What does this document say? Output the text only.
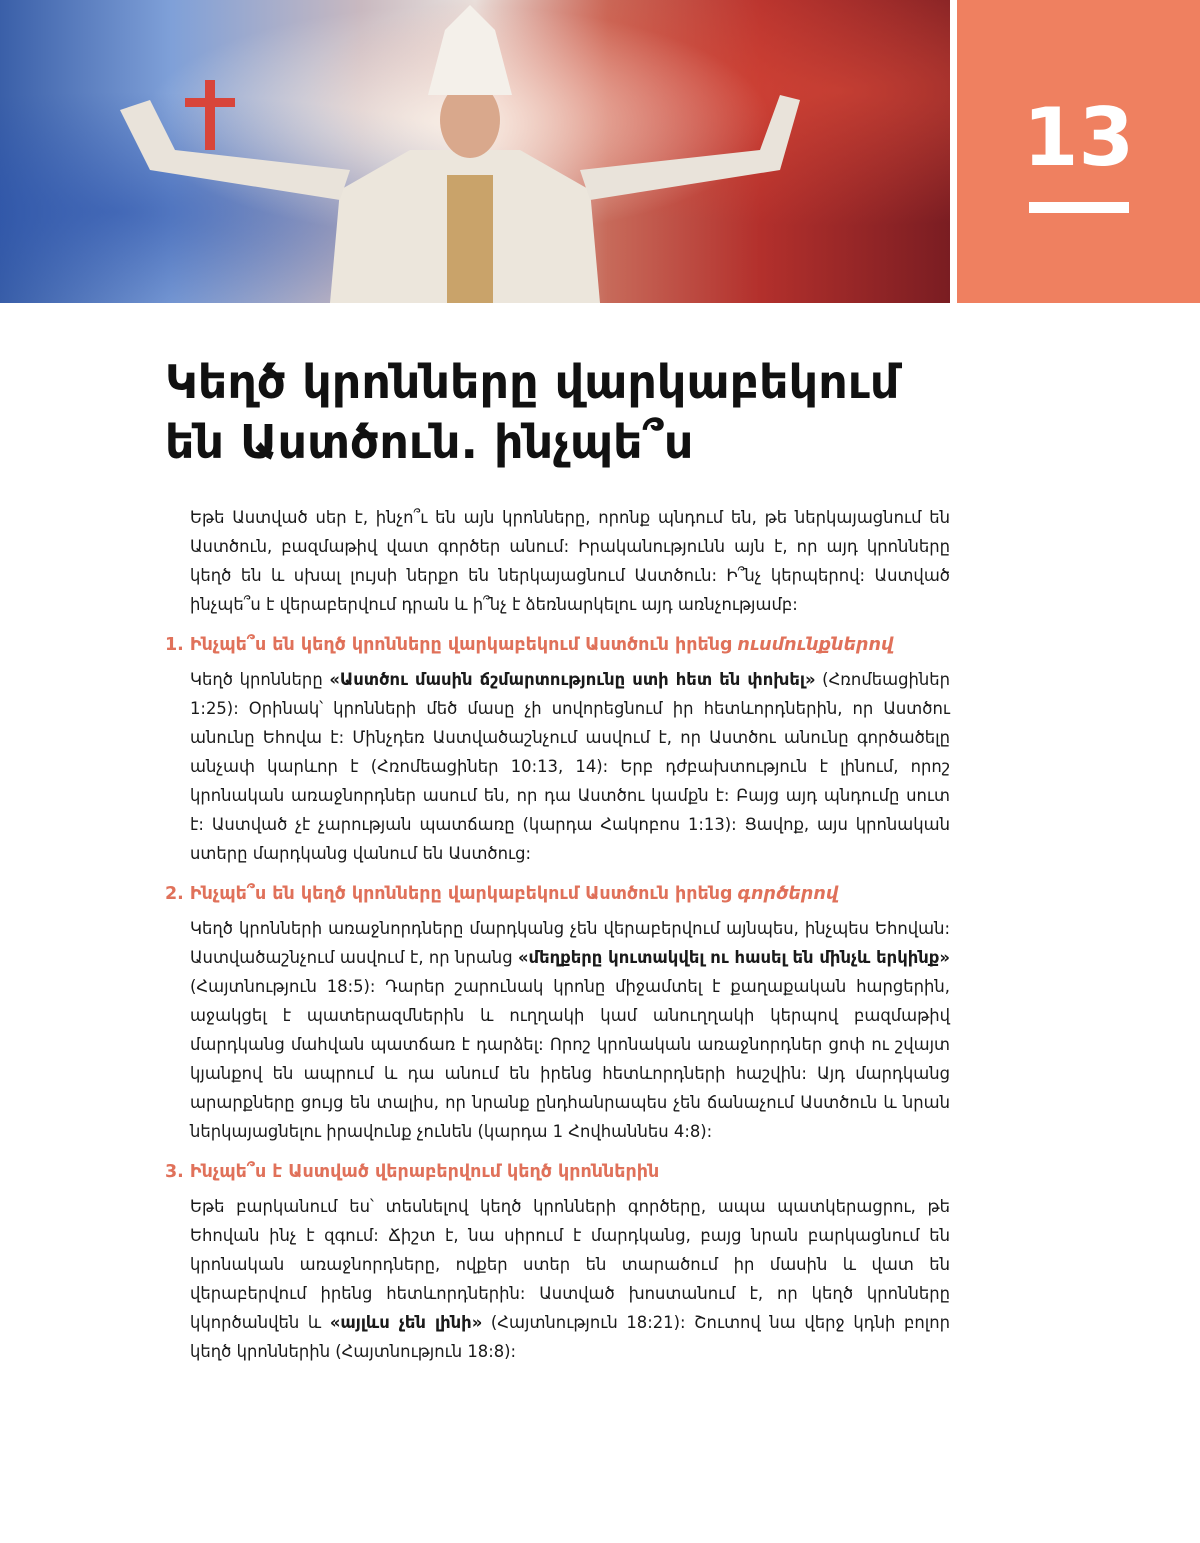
13
Կեղծ կրոնները վարկաբեկում են Աստծուն. ինչպե՞ս

Եթե Աստված սեր է, ինչո՞ւ են այն կրոնները, որոնք պնդում են, թե ներկայացնում են Աստծուն, բազմաթիվ վատ գործեր անում: Իրականությունն այն է, որ այդ կրոնները կեղծ են և սխալ լույսի ներքո են ներկայացնում Աստծուն: Ի՞նչ կերպերով: Աստված ինչպե՞ս է վերաբերվում դրան և ի՞նչ է ձեռնարկելու այդ առնչությամբ:

1. Ինչպե՞ս են կեղծ կրոնները վարկաբեկում Աստծուն իրենց ուսմունքներով

Կեղծ կրոնները «Աստծու մասին ճշմարտությունը ստի հետ են փոխել» (Հռոմեացիներ 1:25): Օրինակ՝ կրոնների մեծ մասը չի սովորեցնում իր հետևորդներին, որ Աստծու անունը Եհովա է: Մինչդեռ Աստվածաշնչում ասվում է, որ Աստծու անունը գործածելը անչափ կարևոր է (Հռոմեացիներ 10:13, 14): Երբ դժբախտություն է լինում, որոշ կրոնական առաջնորդներ ասում են, որ դա Աստծու կամքն է: Բայց այդ պնդումը սուտ է: Աստված չէ չարության պատճառը (կարդա Հակոբոս 1:13): Ցավոք, այս կրոնական ստերը մարդկանց վանում են Աստծուց:

2. Ինչպե՞ս են կեղծ կրոնները վարկաբեկում Աստծուն իրենց գործերով

Կեղծ կրոնների առաջնորդները մարդկանց չեն վերաբերվում այնպես, ինչպես Եհովան: Աստվածաշնչում ասվում է, որ նրանց «մեղքերը կուտակվել ու հասել են մինչև երկինք» (Հայտնություն 18:5): Դարեր շարունակ կրոնը միջամտել է քաղաքական հարցերին, աջակցել է պատերազմներին և ուղղակի կամ անուղղակի կերպով բազմաթիվ մարդկանց մահվան պատճառ է դարձել: Որոշ կրոնական առաջնորդներ ցոփ ու շվայտ կյանքով են ապրում և դա անում են իրենց հետևորդների հաշվին: Այդ մարդկանց արարքները ցույց են տալիս, որ նրանք ընդհանրապես չեն ճանաչում Աստծուն և նրան ներկայացնելու իրավունք չունեն (կարդա 1 Հովհաննես 4:8):

3. Ինչպե՞ս է Աստված վերաբերվում կեղծ կրոններին

Եթե բարկանում ես՝ տեսնելով կեղծ կրոնների գործերը, ապա պատկերացրու, թե Եհովան ինչ է զգում: Ճիշտ է, նա սիրում է մարդկանց, բայց նրան բարկացնում են կրոնական առաջնորդները, ովքեր ստեր են տարածում իր մասին և վատ են վերաբերվում իրենց հետևորդներին: Աստված խոստանում է, որ կեղծ կրոնները կկործանվեն և «այլևս չեն լինի» (Հայտնություն 18:21): Շուտով նա վերջ կդնի բոլոր կեղծ կրոններին (Հայտնություն 18:8):
